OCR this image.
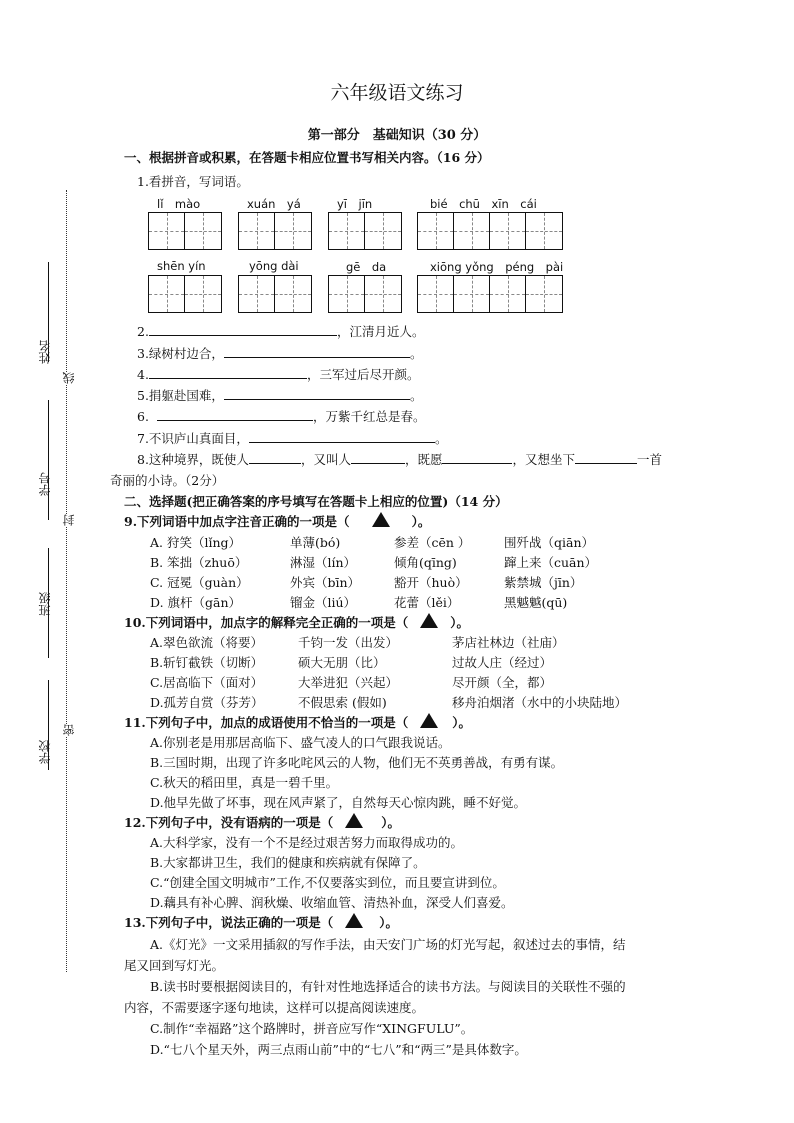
六年级语文练习
第一部分　基础知识（30 分）
一、根据拼音或积累，在答题卡相应位置书写相关内容。（16 分）
1.看拼音，写词语。
lǐ　mào	xuán　yá	yī　jīn	bié　chū　xīn　cái
shēn yín	yōng dài	gē　da	xiōng yǒng　péng　pài
2.	，江清月近人。
3.绿树村边合，	。
4.	，三军过后尽开颜。
5.捐躯赴国难，	。
6.	，万紫千红总是春。
7.不识庐山真面目，	。
8.这种境界，既使人	，又叫人	，既愿	，又想坐下	一首
奇丽的小诗。（2分）
二、选择题(把正确答案的序号填写在答题卡上相应的位置)（14 分）
9.下列词语中加点字注音正确的一项是（	）。
A. 狩笑（lǐng）	单薄(bó)	参差（cēn ）	围歼战（qiān）
B. 笨拙（zhuō）	淋湿（lín）	倾角(qīng)	蹿上来（cuān）
C. 冠冕（guàn）	外宾（bīn）	豁开（huò）	紫禁城（jīn）
D. 旗杆（gān）	镏金（liú）	花蕾（lěi）	黑魆魆(qū)
10.下列词语中，加点字的解释完全正确的一项是（	）。
A.翠色欲流（将要）	千钧一发（出发）	茅店社林边（社庙）
B.斩钉截铁（切断）	硕大无朋（比）	过故人庄（经过）
C.居高临下（面对）	大举进犯（兴起）	尽开颜（全，都）
D.孤芳自赏（芬芳）	不假思索 (假如)	移舟泊烟渚（水中的小块陆地）
11.下列句子中，加点的成语使用不恰当的一项是（	）。
A.你别老是用那居高临下、盛气凌人的口气跟我说话。
B.三国时期，出现了许多叱咤风云的人物，他们无不英勇善战，有勇有谋。
C.秋天的稻田里，真是一碧千里。
D.他早先做了坏事，现在风声紧了，自然每天心惊肉跳，睡不好觉。
12.下列句子中，没有语病的一项是（	）。
A.大科学家，没有一个不是经过艰苦努力而取得成功的。
B.大家都讲卫生，我们的健康和疾病就有保障了。
C.“创建全国文明城市”工作,不仅要落实到位，而且要宣讲到位。
D.藕具有补心脾、润秋燥、收缩血管、清热补血，深受人们喜爱。
13.下列句子中，说法正确的一项是（	）。
A.《灯光》一文采用插叙的写作手法，由天安门广场的灯光写起，叙述过去的事情，结
尾又回到写灯光。
B.读书时要根据阅读目的，有针对性地选择适合的读书方法。与阅读目的关联性不强的
内容，不需要逐字逐句地读，这样可以提高阅读速度。
C.制作“幸福路”这个路牌时，拼音应写作“XINGFULU”。
D.“七八个星天外，两三点雨山前”中的“七八”和“两三”是具体数字。
姓名
学号
班级
学校
线
封
密
